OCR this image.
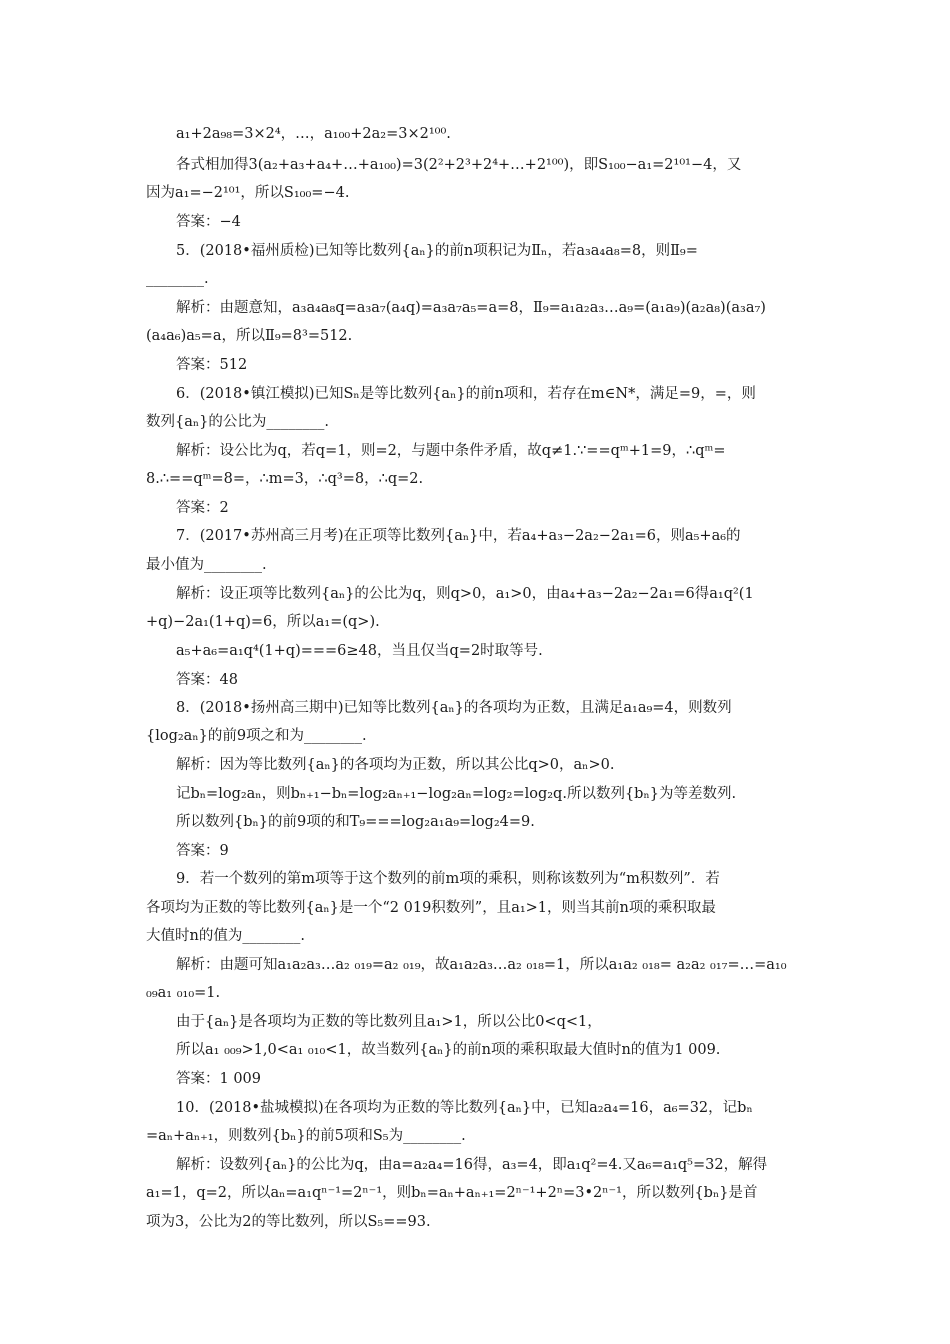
a₁+2a₉₈=3×2⁴，…，a₁₀₀+2a₂=3×2¹⁰⁰.
各式相加得3(a₂+a₃+a₄+…+a₁₀₀)=3(2²+2³+2⁴+…+2¹⁰⁰)，即S₁₀₀−a₁=2¹⁰¹−4，又
因为a₁=−2¹⁰¹，所以S₁₀₀=−4.
答案：−4
5．(2018•福州质检)已知等比数列{aₙ}的前n项积记为Ⅱₙ，若a₃a₄a₈=8，则Ⅱ₉=
________.
解析：由题意知，a₃a₄a₈q=a₃a₇(a₄q)=a₃a₇a₅=a=8，Ⅱ₉=a₁a₂a₃…a₉=(a₁a₉)(a₂a₈)(a₃a₇)
(a₄a₆)a₅=a，所以Ⅱ₉=8³=512.
答案：512
6．(2018•镇江模拟)已知Sₙ是等比数列{aₙ}的前n项和，若存在m∈N*，满足=9，=，则
数列{aₙ}的公比为________.
解析：设公比为q，若q=1，则=2，与题中条件矛盾，故q≠1.∵==qᵐ+1=9，∴qᵐ=
8.∴==qᵐ=8=，∴m=3，∴q³=8，∴q=2.
答案：2
7．(2017•苏州高三月考)在正项等比数列{aₙ}中，若a₄+a₃−2a₂−2a₁=6，则a₅+a₆的
最小值为________.
解析：设正项等比数列{aₙ}的公比为q，则q>0，a₁>0，由a₄+a₃−2a₂−2a₁=6得a₁q²(1
+q)−2a₁(1+q)=6，所以a₁=(q>).
a₅+a₆=a₁q⁴(1+q)===6≥48，当且仅当q=2时取等号.
答案：48
8．(2018•扬州高三期中)已知等比数列{aₙ}的各项均为正数，且满足a₁a₉=4，则数列
{log₂aₙ}的前9项之和为________.
解析：因为等比数列{aₙ}的各项均为正数，所以其公比q>0，aₙ>0.
记bₙ=log₂aₙ，则bₙ₊₁−bₙ=log₂aₙ₊₁−log₂aₙ=log₂=log₂q.所以数列{bₙ}为等差数列.
所以数列{bₙ}的前9项的和T₉===log₂a₁a₉=log₂4=9.
答案：9
9．若一个数列的第m项等于这个数列的前m项的乘积，则称该数列为“m积数列”．若
各项均为正数的等比数列{aₙ}是一个“2 019积数列”，且a₁>1，则当其前n项的乘积取最
大值时n的值为________.
解析：由题可知a₁a₂a₃…a₂ ₀₁₉=a₂ ₀₁₉，故a₁a₂a₃…a₂ ₀₁₈=1，所以a₁a₂ ₀₁₈= a₂a₂ ₀₁₇=…=a₁₀
₀₉a₁ ₀₁₀=1.
由于{aₙ}是各项均为正数的等比数列且a₁>1，所以公比0<q<1，
所以a₁ ₀₀₉>1,0<a₁ ₀₁₀<1，故当数列{aₙ}的前n项的乘积取最大值时n的值为1 009.
答案：1 009
10．(2018•盐城模拟)在各项均为正数的等比数列{aₙ}中，已知a₂a₄=16，a₆=32，记bₙ
=aₙ+aₙ₊₁，则数列{bₙ}的前5项和S₅为________.
解析：设数列{aₙ}的公比为q，由a=a₂a₄=16得，a₃=4，即a₁q²=4.又a₆=a₁q⁵=32，解得
a₁=1，q=2，所以aₙ=a₁qⁿ⁻¹=2ⁿ⁻¹，则bₙ=aₙ+aₙ₊₁=2ⁿ⁻¹+2ⁿ=3•2ⁿ⁻¹，所以数列{bₙ}是首
项为3，公比为2的等比数列，所以S₅==93.
